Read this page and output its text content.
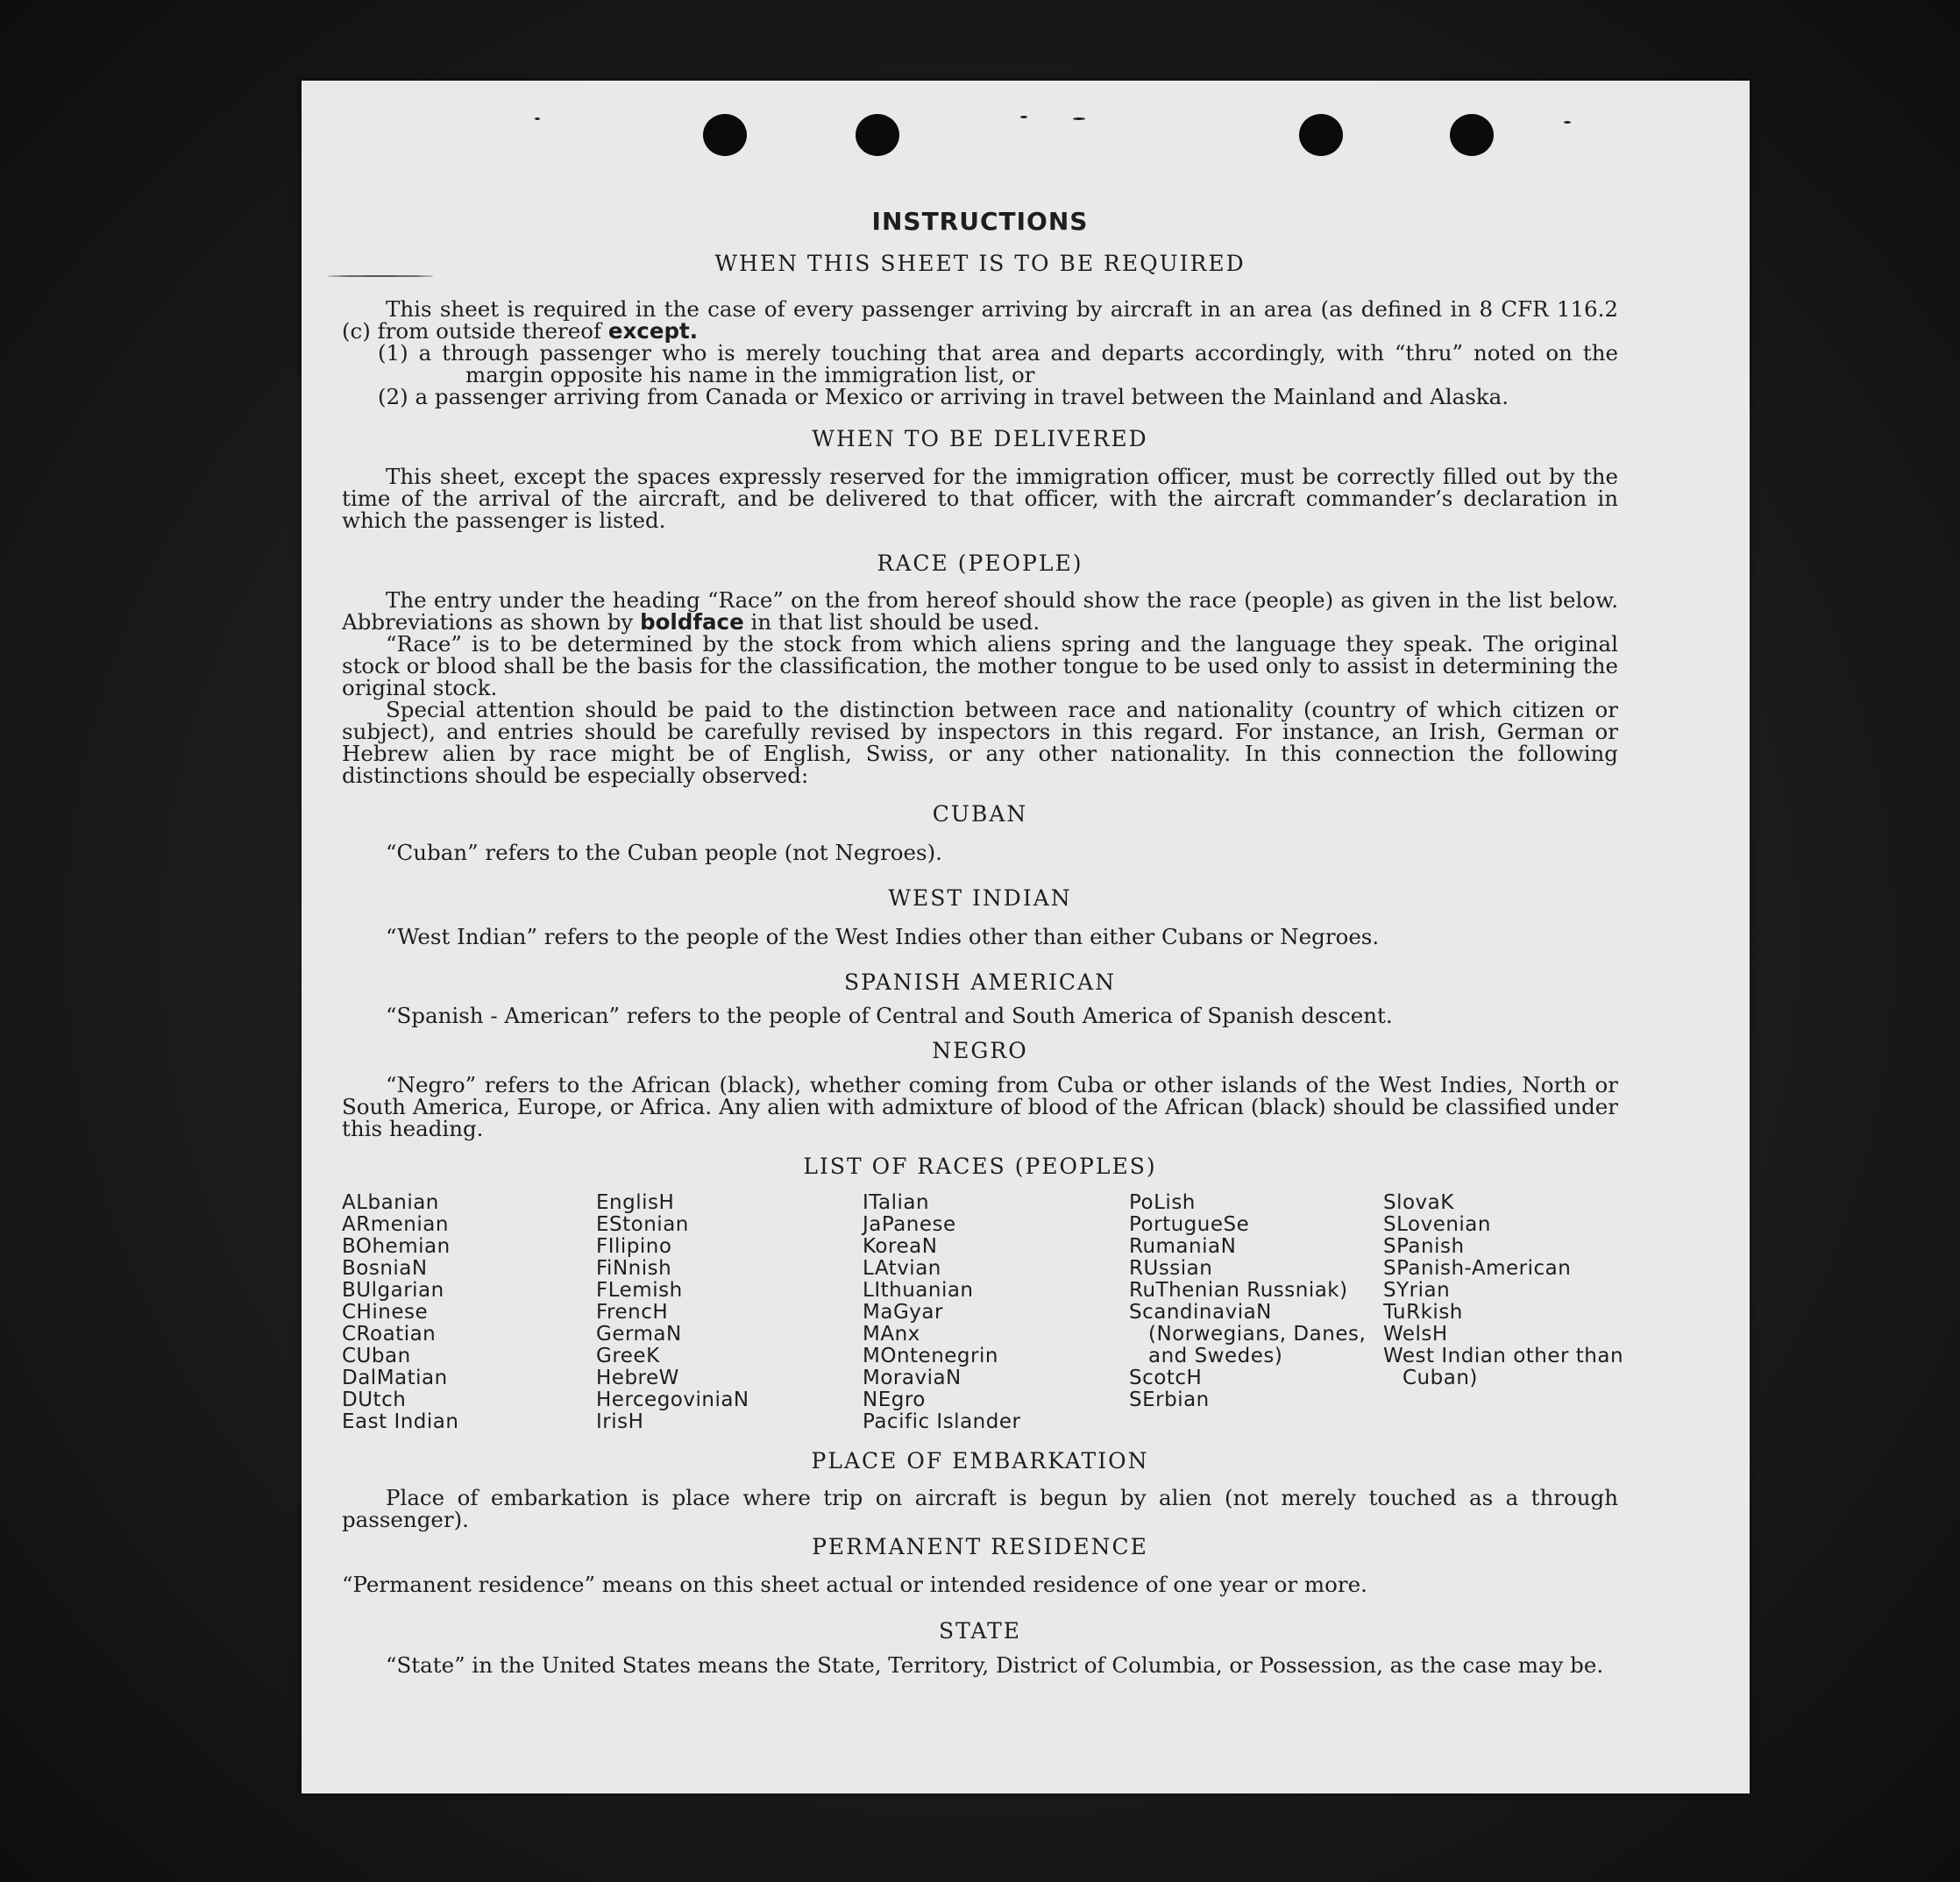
INSTRUCTIONS
WHEN THIS SHEET IS TO BE REQUIRED

This sheet is required in the case of every passenger arriving by aircraft in an area (as defined in 8 CFR 116.2 (c) from outside thereof except.

(1) a through passenger who is merely touching that area and departs accordingly, with “thru” noted on the margin opposite his name in the immigration list, or

(2) a passenger arriving from Canada or Mexico or arriving in travel between the Mainland and Alaska.

WHEN TO BE DELIVERED

This sheet, except the spaces expressly reserved for the immigration officer, must be correctly filled out by the time of the arrival of the aircraft, and be delivered to that officer, with the aircraft commander’s declaration in which the passenger is listed.

RACE (PEOPLE)

The entry under the heading “Race” on the from hereof should show the race (people) as given in the list below. Abbreviations as shown by boldface in that list should be used.

“Race” is to be determined by the stock from which aliens spring and the language they speak. The original stock or blood shall be the basis for the classification, the mother tongue to be used only to assist in determining the original stock.

Special attention should be paid to the distinction between race and nationality (country of which citizen or subject), and entries should be carefully revised by inspectors in this regard. For instance, an Irish, German or Hebrew alien by race might be of English, Swiss, or any other nationality. In this connection the following distinctions should be especially observed:

CUBAN

“Cuban” refers to the Cuban people (not Negroes).

WEST INDIAN

“West Indian” refers to the people of the West Indies other than either Cubans or Negroes.

SPANISH AMERICAN

“Spanish - American” refers to the people of Central and South America of Spanish descent.

NEGRO

“Negro” refers to the African (black), whether coming from Cuba or other islands of the West Indies, North or South America, Europe, or Africa. Any alien with admixture of blood of the African (black) should be classified under this heading.

LIST OF RACES (PEOPLES)
ALbanian
ARmenian
BOhemian
BosniaN
BUlgarian
CHinese
CRoatian
CUban
DalMatian
DUtch
East Indian
EnglisH
EStonian
FIlipino
FiNnish
FLemish
FrencH
GermaN
GreeK
HebreW
HercegoviniaN
IrisH
ITalian
JaPanese
KoreaN
LAtvian
LIthuanian
MaGyar
MAnx
MOntenegrin
MoraviaN
NEgro
Pacific Islander
PoLish
PortugueSe
RumaniaN
RUssian
RuThenian Russniak)
ScandinaviaN (Norwegians, Danes, and Swedes)
ScotcH
SErbian
SlovaK
SLovenian
SPanish
SPanish-American
SYrian
TuRkish
WelsH
West Indian other than Cuban)
PLACE OF EMBARKATION

Place of embarkation is place where trip on aircraft is begun by alien (not merely touched as a through passenger).

PERMANENT RESIDENCE

“Permanent residence” means on this sheet actual or intended residence of one year or more.

STATE

“State” in the United States means the State, Territory, District of Columbia, or Possession, as the case may be.
